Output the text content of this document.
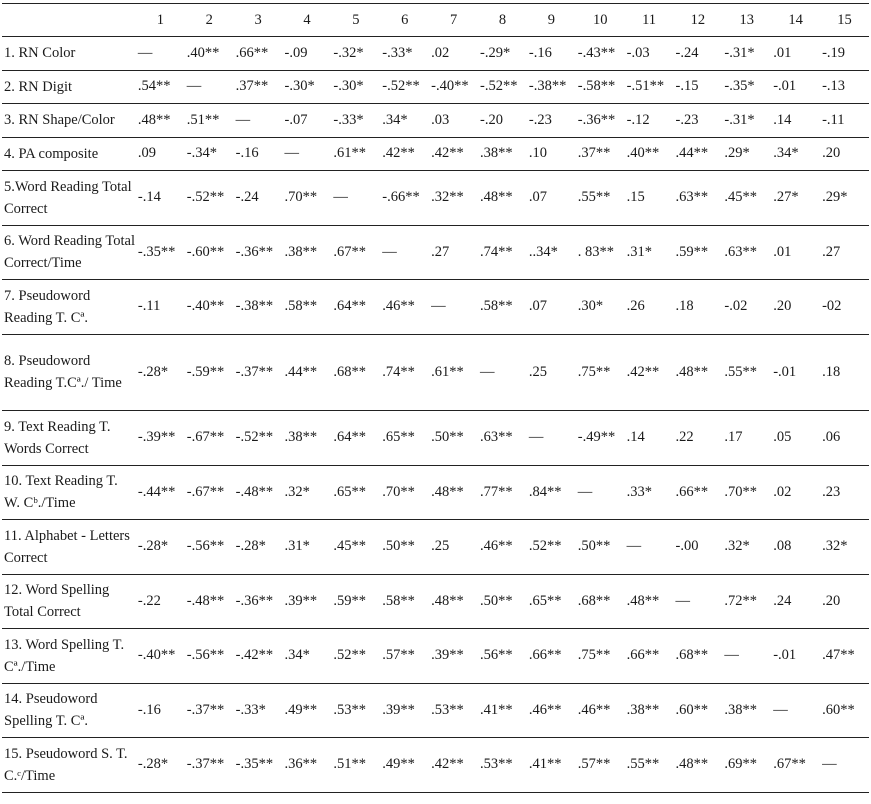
	1	2	3	4	5	6	7	8	9	10	11	12	13	14	15
1. RN Color	—	.40**	.66**	-.09	-.32*	-.33*	.02	-.29*	-.16	-.43**	-.03	-.24	-.31*	.01	-.19
2. RN Digit	.54**	—	.37**	-.30*	-.30*	-.52**	-.40**	-.52**	-.38**	-.58**	-.51**	-.15	-.35*	-.01	-.13
3. RN Shape/Color	.48**	.51**	—	-.07	-.33*	.34*	.03	-.20	-.23	-.36**	-.12	-.23	-.31*	.14	-.11
4. PA composite	.09	-.34*	-.16	—	.61**	.42**	.42**	.38**	.10	.37**	.40**	.44**	.29*	.34*	.20
5.Word Reading Total Correct	-.14	-.52**	-.24	.70**	—	-.66**	.32**	.48**	.07	.55**	.15	.63**	.45**	.27*	.29*
6. Word Reading Total Correct/Time	-.35**	-.60**	-.36**	.38**	.67**	—	.27	.74**	..34*	. 83**	.31*	.59**	.63**	.01	.27
7. Pseudoword Reading T. Cª.	-.11	-.40**	-.38**	.58**	.64**	.46**	—	.58**	.07	.30*	.26	.18	-.02	.20	-02
8. Pseudoword Reading T.Cª./ Time	-.28*	-.59**	-.37**	.44**	.68**	.74**	.61**	—	.25	.75**	.42**	.48**	.55**	-.01	.18
9. Text Reading T. Words Correct	-.39**	-.67**	-.52**	.38**	.64**	.65**	.50**	.63**	—	-.49**	.14	.22	.17	.05	.06
10. Text Reading T. W. Cᵇ./Time	-.44**	-.67**	-.48**	.32*	.65**	.70**	.48**	.77**	.84**	—	.33*	.66**	.70**	.02	.23
11. Alphabet - Letters Correct	-.28*	-.56**	-.28*	.31*	.45**	.50**	.25	.46**	.52**	.50**	—	-.00	.32*	.08	.32*
12. Word Spelling Total Correct	-.22	-.48**	-.36**	.39**	.59**	.58**	.48**	.50**	.65**	.68**	.48**	—	.72**	.24	.20
13. Word Spelling T. Cª./Time	-.40**	-.56**	-.42**	.34*	.52**	.57**	.39**	.56**	.66**	.75**	.66**	.68**	—	-.01	.47**
14. Pseudoword Spelling T. Cª.	-.16	-.37**	-.33*	.49**	.53**	.39**	.53**	.41**	.46**	.46**	.38**	.60**	.38**	—	.60**
15. Pseudoword S. T. C.ᶜ/Time	-.28*	-.37**	-.35**	.36**	.51**	.49**	.42**	.53**	.41**	.57**	.55**	.48**	.69**	.67**	—
